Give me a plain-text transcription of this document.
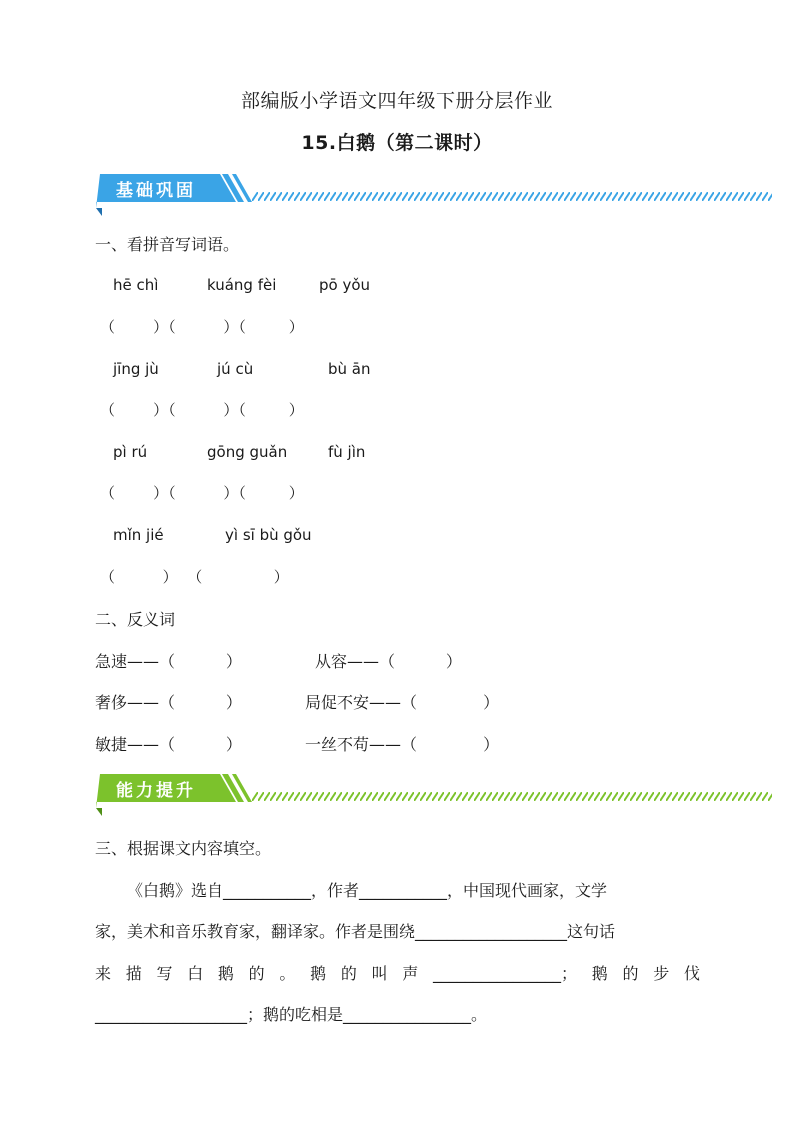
部编版小学语文四年级下册分层作业
15.白鹅（第二课时）
基础巩固
一、看拼音写词语。
hē chì	kuáng fèi	pō yǒu
（        ）（          ）（         ）
jīng jù	jú cù	bù ān
（        ）（          ）（         ）
pì rú	gōng guǎn	fù jìn
（        ）（          ）（         ）
mǐn jié	yì sī bù gǒu
（          ）  （               ）
二、反义词
急速——（          ）	从容——（          ）
奢侈——（          ）	局促不安——（             ）
敏捷——（          ）	一丝不苟——（             ）
能力提升
三、根据课文内容填空。
《白鹅》选自___________，作者___________，中国现代画家，文学
家，美术和音乐教育家，翻译家。作者是围绕___________________这句话
来描写白鹅的。鹅的叫声________________；鹅的步伐
___________________；鹅的吃相是________________。
